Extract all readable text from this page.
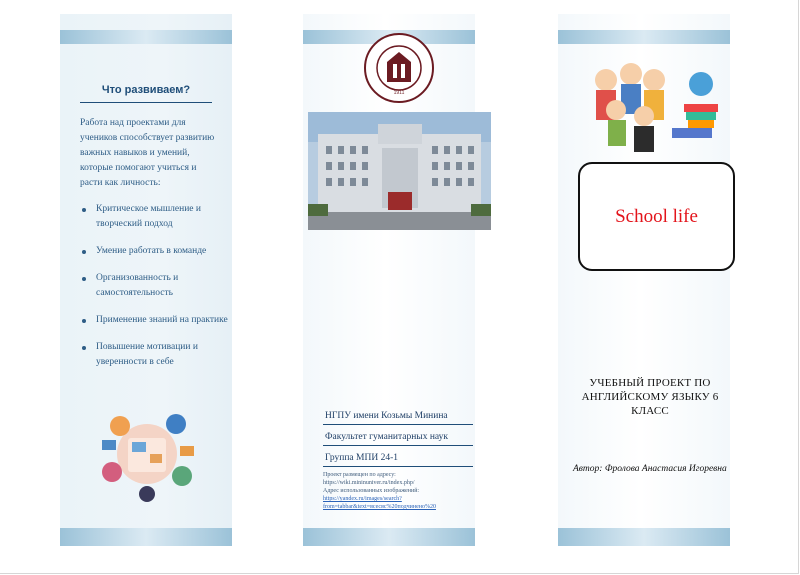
Что развиваем?
Работа над проектами для учеников способствует развитию важных навыков и умений, которые помогают учиться и расти как личность:
Критическое мышление и творческий подход
Умение работать в команде
Организованность и самостоятельность
Применение знаний на практике
Повышение мотивации и уверенности в себе
1911
НГПУ имени Козьмы Минина
Факультет гуманитарных наук
Группа МПИ 24-1
Проект размещен по адресу:
https://wiki.mininuniver.ru/index.php/
Адрес использованных изображений:
https://yandex.ru/images/search?from=tabbar&text=всесвс%20подчинено%20
School life
УЧЕБНЫЙ ПРОЕКТ ПО АНГЛИЙСКОМУ ЯЗЫКУ 6 КЛАСС
Автор: Фролова Анастасия Игоревна
